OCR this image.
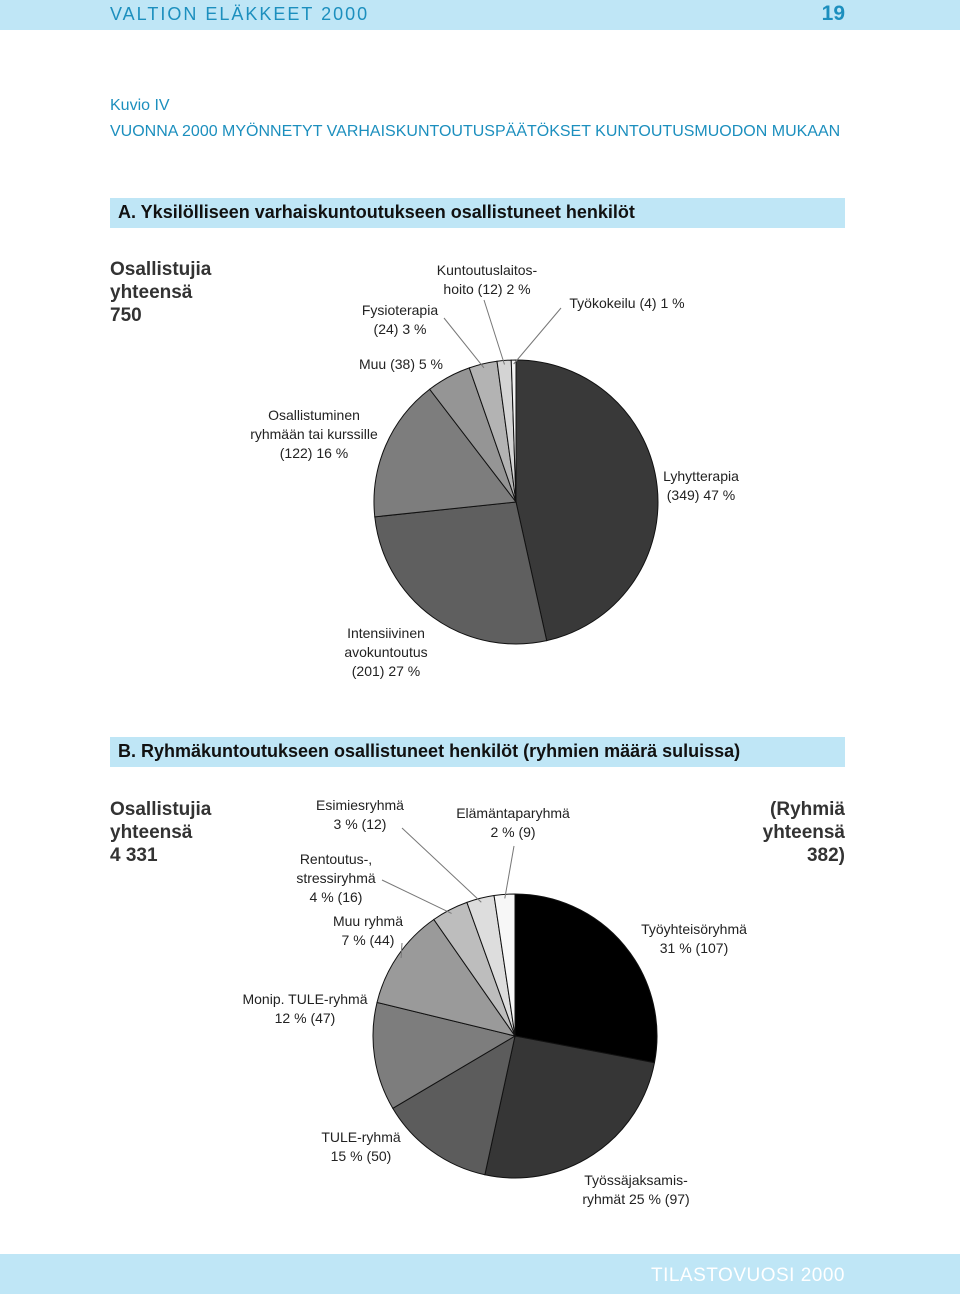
VALTION ELÄKKEET 2000	19
Kuvio IV
VUONNA 2000 MYÖNNETYT VARHAISKUNTOUTUSPÄÄTÖKSET KUNTOUTUSMUODON MUKAAN
A. Yksilölliseen varhaiskuntoutukseen osallistuneet henkilöt
Osallistujia
yhteensä
750
B. Ryhmäkuntoutukseen osallistuneet henkilöt (ryhmien määrä suluissa)
Osallistujia
yhteensä
4 331
(Ryhmiä
yhteensä
382)
Lyhytterapia
(349) 47 %
Intensiivinen
avokuntoutus
(201) 27 %
Osallistuminen
ryhmään tai kurssille
(122) 16 %
Muu (38) 5 %
Fysioterapia
(24) 3 %
Kuntoutuslaitos-
hoito (12) 2 %
Työkokeilu (4) 1 %
Työyhteisöryhmä
31 % (107)
Työssäjaksamis-
ryhmät 25 % (97)
TULE-ryhmä
15 % (50)
Monip. TULE-ryhmä
12 % (47)
Muu ryhmä
7 % (44)
Rentoutus-,
stressiryhmä
4 % (16)
Esimiesryhmä
3 % (12)
Elämäntaparyhmä
2 % (9)
TILASTOVUOSI 2000
